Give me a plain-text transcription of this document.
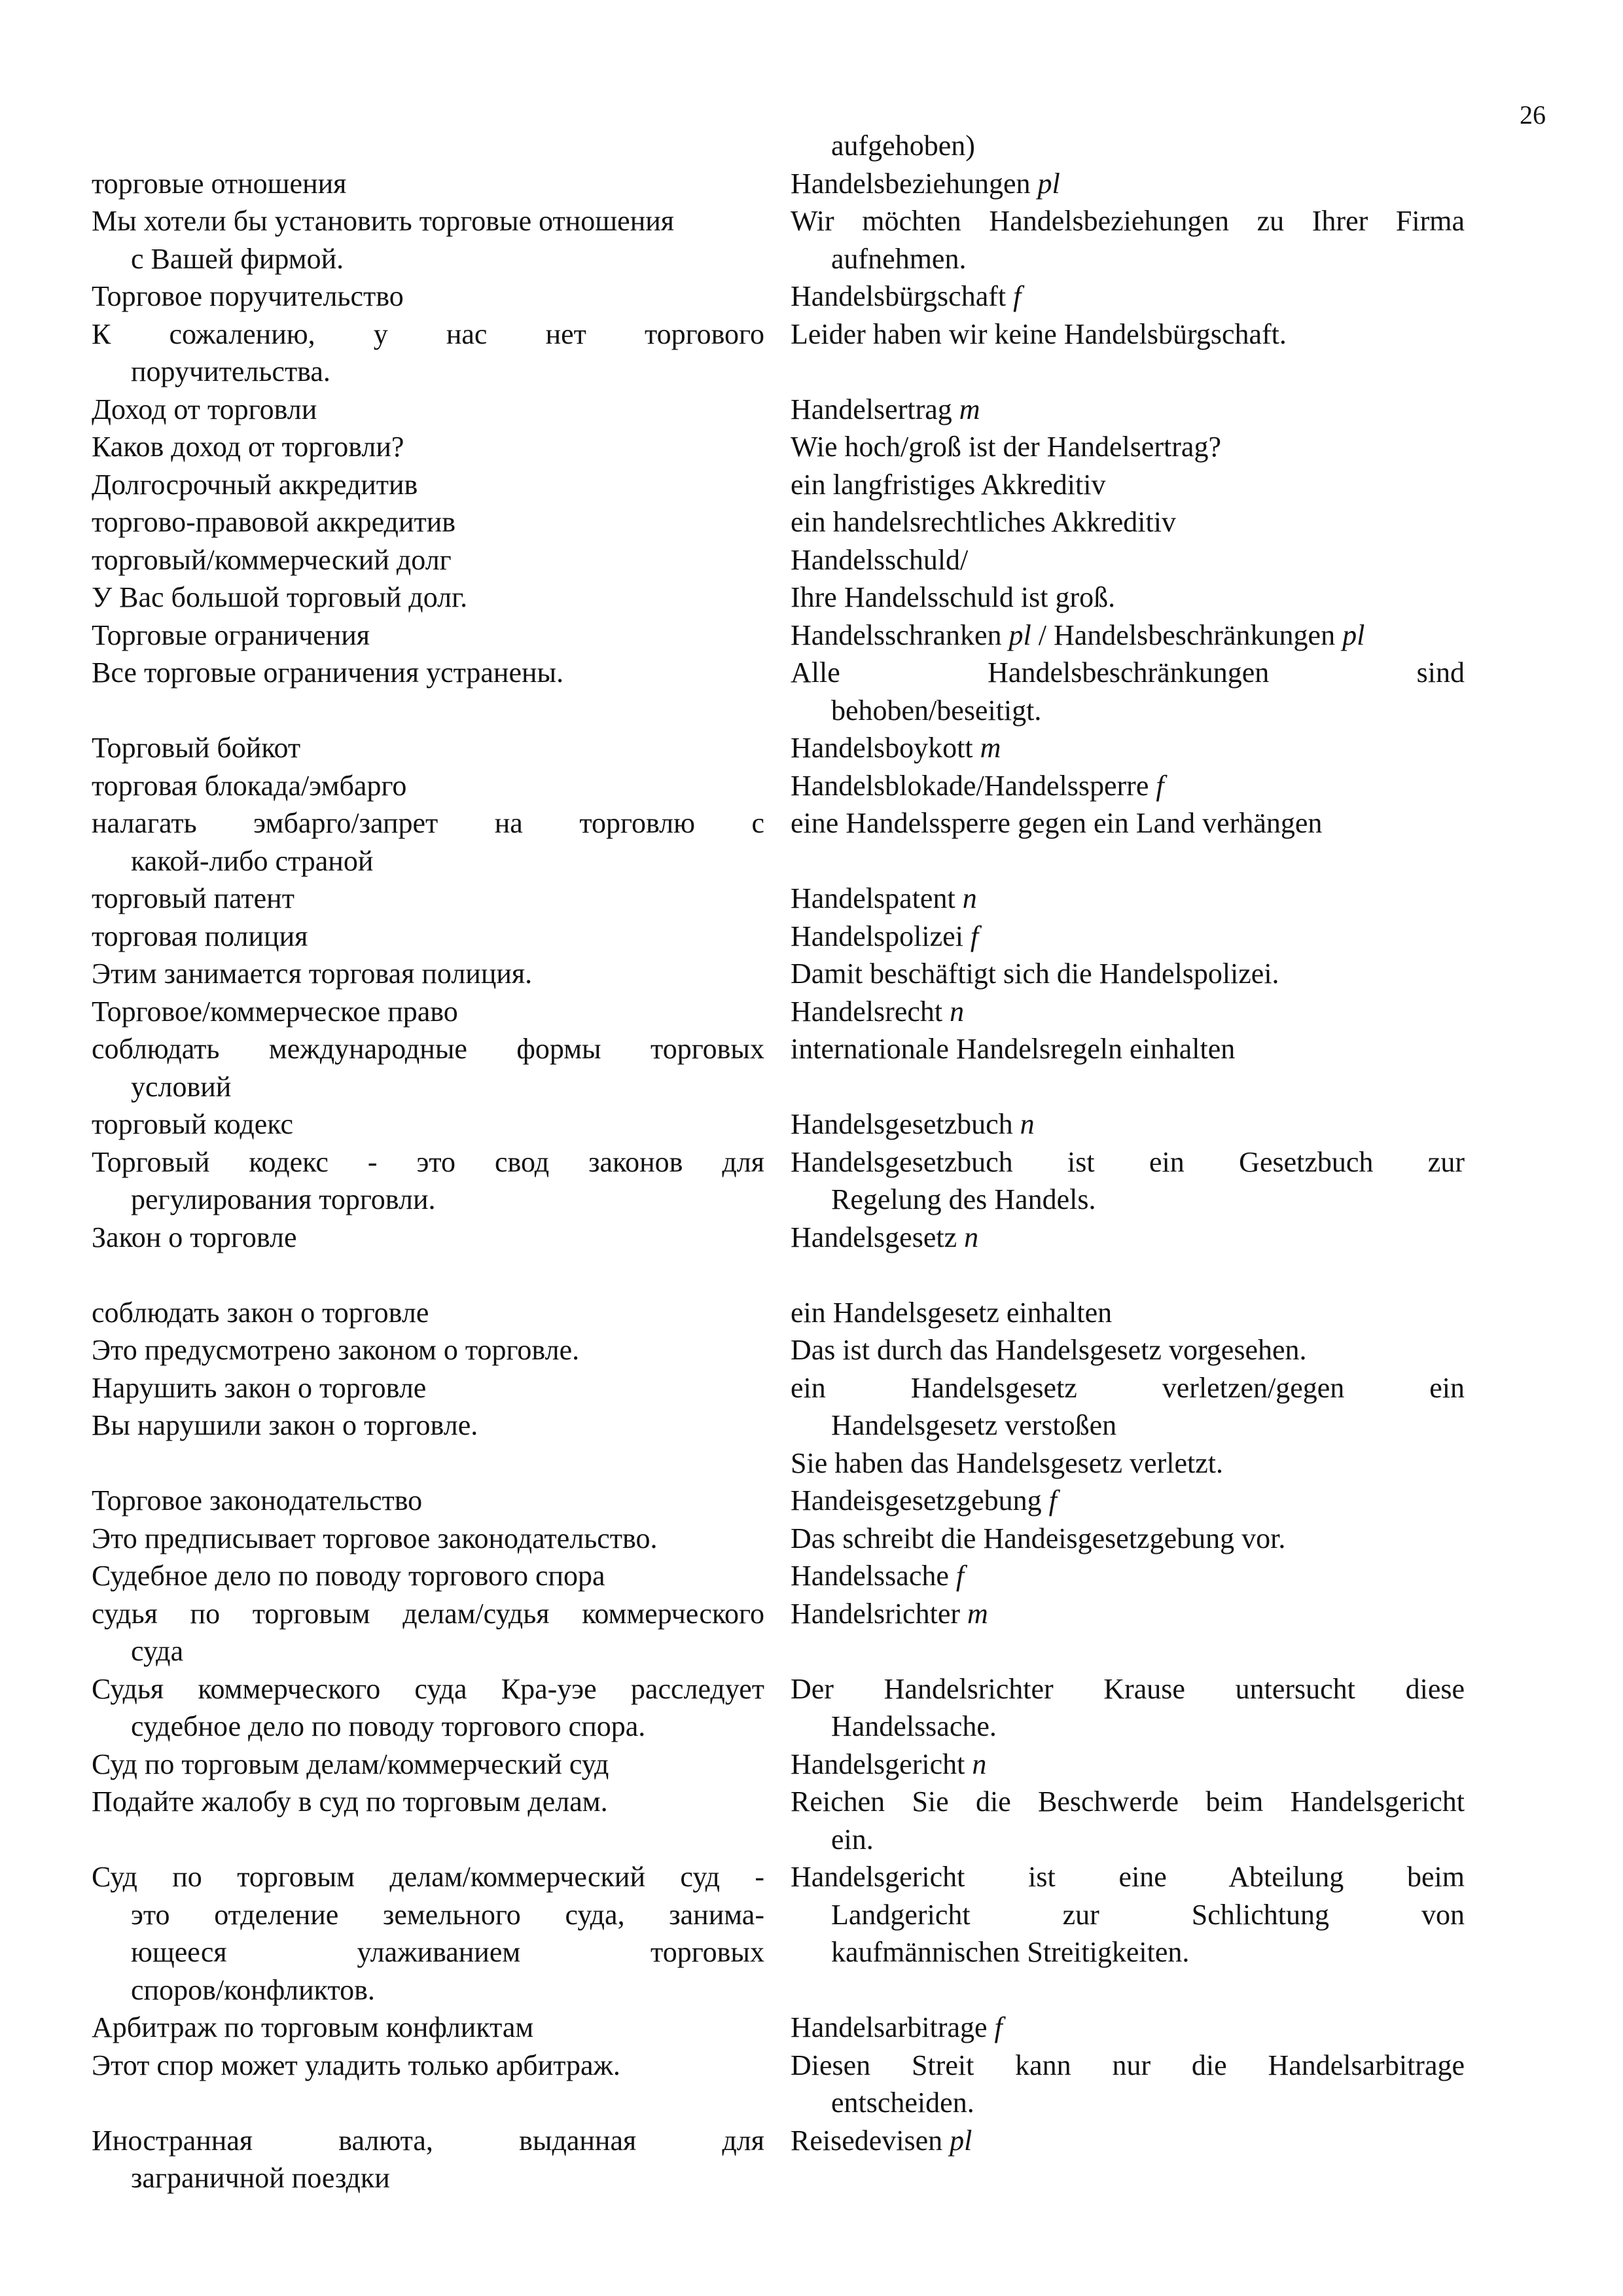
26
торговые отношения
Мы хотели бы установить торговые отношения
с Вашей фирмой.
Торговое поручительство
К сожалению, у нас нет торгового
поручительства.
Доход от торговли
Каков доход от торговли?
Долгосрочный аккредитив
торгово-правовой аккредитив
торговый/коммерческий долг
У Вас большой торговый долг.
Торговые ограничения
Все торговые ограничения устранены.
Торговый бойкот
торговая блокада/эмбарго
налагать эмбарго/запрет на торговлю с
какой-либо страной
торговый патент
торговая полиция
Этим занимается торговая полиция.
Торговое/коммерческое право
соблюдать международные формы торговых
условий
торговый кодекс
Торговый кодекс - это свод законов для
регулирования торговли.
Закон о торговле
соблюдать закон о торговле
Это предусмотрено законом о торговле.
Нарушить закон о торговле
Вы нарушили закон о торговле.
Торговое законодательство
Это предписывает торговое законодательство.
Судебное дело по поводу торгового спора
судья по торговым делам/судья коммерческого
суда
Судья коммерческого суда Кра-уэе расследует
судебное дело по поводу торгового спора.
Суд по торговым делам/коммерческий суд
Подайте жалобу в суд по торговым делам.
Суд по торговым делам/коммерческий суд -
это отделение земельного суда, занима-
ющееся улаживанием торговых
споров/конфликтов.
Арбитраж по торговым конфликтам
Этот спор может уладить только арбитраж.
Иностранная валюта, выданная для
заграничной поездки
aufgehoben)
Handelsbeziehungen pl
Wir möchten Handelsbeziehungen zu Ihrer Firma
aufnehmen.
Handelsbürgschaft f
Leider haben wir keine Handelsbürgschaft.
Handelsertrag m
Wie hoch/groß ist der Handelsertrag?
ein langfristiges Akkreditiv
ein handelsrechtliches Akkreditiv
Handelsschuld/
Ihre Handelsschuld ist groß.
Handelsschranken pl / Handelsbeschränkungen pl
Alle Handelsbeschränkungen sind
behoben/beseitigt.
Handelsboykott m
Handelsblokade/Handelssperre f
eine Handelssperre gegen ein Land verhängen
Handelspatent n
Handelspolizei f
Damit beschäftigt sich die Handelspolizei.
Handelsrecht n
internationale Handelsregeln einhalten
Handelsgesetzbuch n
Handelsgesetzbuch ist ein Gesetzbuch zur
Regelung des Handels.
Handelsgesetz n
ein Handelsgesetz einhalten
Das ist durch das Handelsgesetz vorgesehen.
ein Handelsgesetz verletzen/gegen ein
Handelsgesetz verstoßen
Sie haben das Handelsgesetz verletzt.
Handeisgesetzgebung f
Das schreibt die Handeisgesetzgebung vor.
Handelssache f
Handelsrichter m
Der Handelsrichter Krause untersucht diese
Handelssache.
Handelsgericht n
Reichen Sie die Beschwerde beim Handelsgericht
ein.
Handelsgericht ist eine Abteilung beim
Landgericht zur Schlichtung von
kaufmännischen Streitigkeiten.
Handelsarbitrage f
Diesen Streit kann nur die Handelsarbitrage
entscheiden.
Reisedevisen pl
